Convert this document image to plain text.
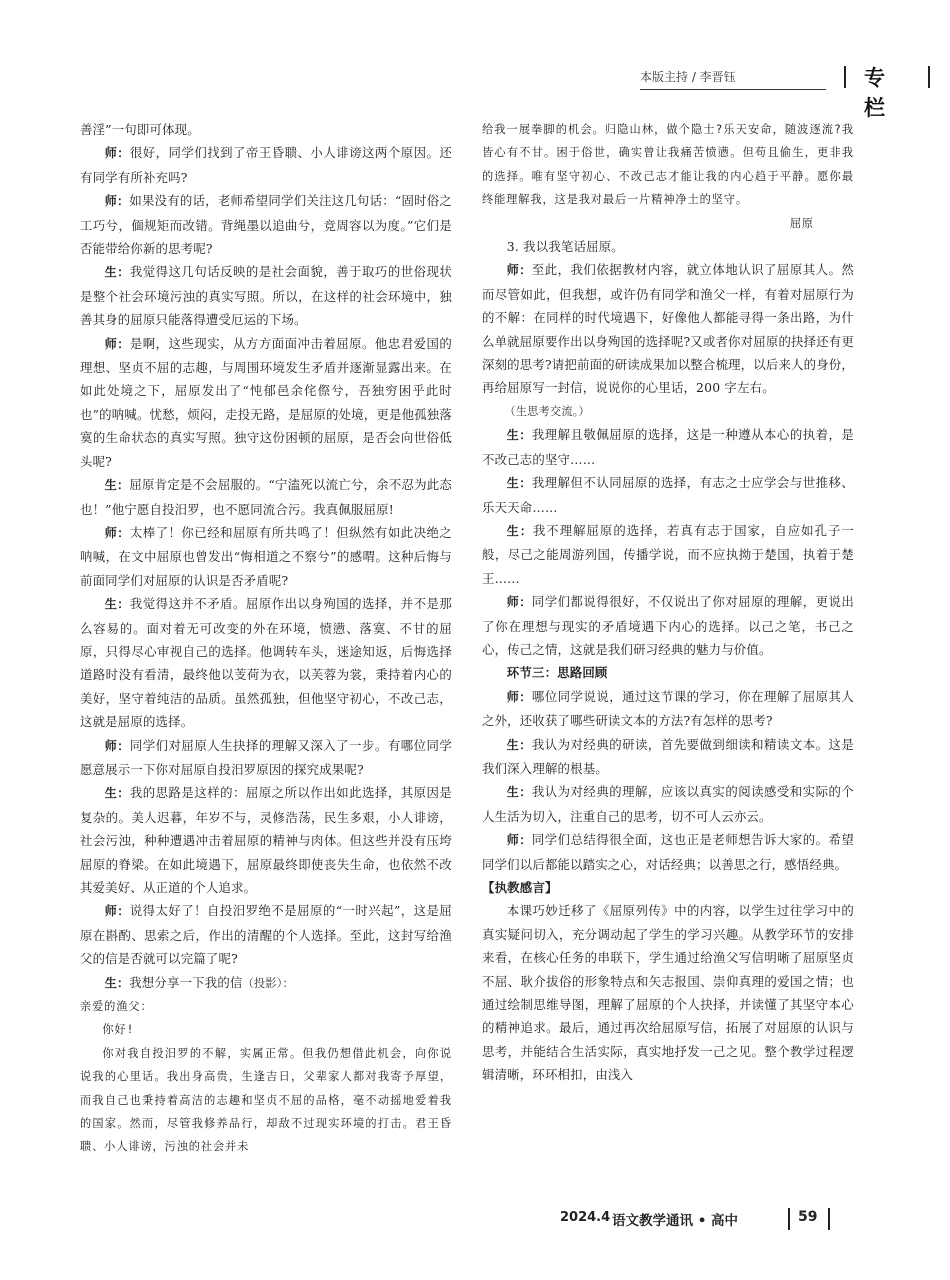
本版主持 / 李晋钰	专栏

善淫”一句即可体现。

师：很好，同学们找到了帝王昏聩、小人诽谤这两个原因。还有同学有所补充吗?

师：如果没有的话，老师希望同学们关注这几句话：“固时俗之工巧兮，偭规矩而改错。背绳墨以追曲兮，竞周容以为度。”它们是否能带给你新的思考呢?

生：我觉得这几句话反映的是社会面貌，善于取巧的世俗现状是整个社会环境污浊的真实写照。所以，在这样的社会环境中，独善其身的屈原只能落得遭受厄运的下场。

师：是啊，这些现实，从方方面面冲击着屈原。他忠君爱国的理想、坚贞不屈的志趣，与周围环境发生矛盾并逐渐显露出来。在如此处境之下，屈原发出了“忳郁邑余侘傺兮，吾独穷困乎此时也”的呐喊。忧愁，烦闷，走投无路，是屈原的处境，更是他孤独落寞的生命状态的真实写照。独守这份困顿的屈原，是否会向世俗低头呢?

生：屈原肯定是不会屈服的。“宁溘死以流亡兮，余不忍为此态也！”他宁愿自投汨罗，也不愿同流合污。我真佩服屈原!

师：太棒了！你已经和屈原有所共鸣了！但纵然有如此决绝之呐喊，在文中屈原也曾发出“悔相道之不察兮”的感喟。这种后悔与前面同学们对屈原的认识是否矛盾呢?

生：我觉得这并不矛盾。屈原作出以身殉国的选择，并不是那么容易的。面对着无可改变的外在环境，愤懑、落寞、不甘的屈原，只得尽心审视自己的选择。他调转车头，迷途知返，后悔选择道路时没有看清，最终他以芰荷为衣，以芙蓉为裳，秉持着内心的美好，坚守着纯洁的品质。虽然孤独，但他坚守初心，不改己志，这就是屈原的选择。

师：同学们对屈原人生抉择的理解又深入了一步。有哪位同学愿意展示一下你对屈原自投汨罗原因的探究成果呢?

生：我的思路是这样的：屈原之所以作出如此选择，其原因是复杂的。美人迟暮，年岁不与，灵修浩荡，民生多艰，小人诽谤，社会污浊，种种遭遇冲击着屈原的精神与肉体。但这些并没有压垮屈原的脊梁。在如此境遇下，屈原最终即使丧失生命，也依然不改其爱美好、从正道的个人追求。

师：说得太好了！自投汨罗绝不是屈原的“一时兴起”，这是屈原在斟酌、思索之后，作出的清醒的个人选择。至此，这封写给渔父的信是否就可以完篇了呢?

生：我想分享一下我的信（投影）：

亲爱的渔父：

你好!

你对我自投汨罗的不解，实属正常。但我仍想借此机会，向你说说我的心里话。我出身高贵，生逢吉日，父辈家人都对我寄予厚望，而我自己也秉持着高洁的志趣和坚贞不屈的品格，毫不动摇地爱着我的国家。然而，尽管我修养品行，却敌不过现实环境的打击。君王昏聩、小人诽谤，污浊的社会并未

给我一展拳脚的机会。归隐山林，做个隐士?乐天安命，随波逐流?我皆心有不甘。困于俗世，确实曾让我痛苦愤懑。但苟且偷生，更非我的选择。唯有坚守初心、不改己志才能让我的内心趋于平静。愿你最终能理解我，这是我对最后一片精神净土的坚守。

屈原

3. 我以我笔话屈原。

师：至此，我们依据教材内容，就立体地认识了屈原其人。然而尽管如此，但我想，或许仍有同学和渔父一样，有着对屈原行为的不解：在同样的时代境遇下，好像他人都能寻得一条出路，为什么单就屈原要作出以身殉国的选择呢?又或者你对屈原的抉择还有更深刻的思考?请把前面的研读成果加以整合梳理，以后来人的身份，再给屈原写一封信，说说你的心里话，200 字左右。

（生思考交流。）

生：我理解且敬佩屈原的选择，这是一种遵从本心的执着，是不改己志的坚守……

生：我理解但不认同屈原的选择，有志之士应学会与世推移、乐天天命……

生：我不理解屈原的选择，若真有志于国家，自应如孔子一般，尽己之能周游列国，传播学说，而不应执拗于楚国，执着于楚王……

师：同学们都说得很好，不仅说出了你对屈原的理解，更说出了你在理想与现实的矛盾境遇下内心的选择。以己之笔，书己之心，传己之情，这就是我们研习经典的魅力与价值。

环节三：思路回顾

师：哪位同学说说，通过这节课的学习，你在理解了屈原其人之外，还收获了哪些研读文本的方法?有怎样的思考?

生：我认为对经典的研读，首先要做到细读和精读文本。这是我们深入理解的根基。

生：我认为对经典的理解，应该以真实的阅读感受和实际的个人生活为切入，注重自己的思考，切不可人云亦云。

师：同学们总结得很全面，这也正是老师想告诉大家的。希望同学们以后都能以踏实之心，对话经典；以善思之行，感悟经典。

【执教感言】

本课巧妙迁移了《屈原列传》中的内容，以学生过往学习中的真实疑问切入，充分调动起了学生的学习兴趣。从教学环节的安排来看，在核心任务的串联下，学生通过给渔父写信明晰了屈原坚贞不屈、耿介拔俗的形象特点和矢志报国、崇仰真理的爱国之情；也通过绘制思维导图，理解了屈原的个人抉择，并读懂了其坚守本心的精神追求。最后，通过再次给屈原写信，拓展了对屈原的认识与思考，并能结合生活实际，真实地抒发一己之见。整个教学过程逻辑清晰，环环相扣，由浅入

2024.4 语文教学通讯 • 高中	59
